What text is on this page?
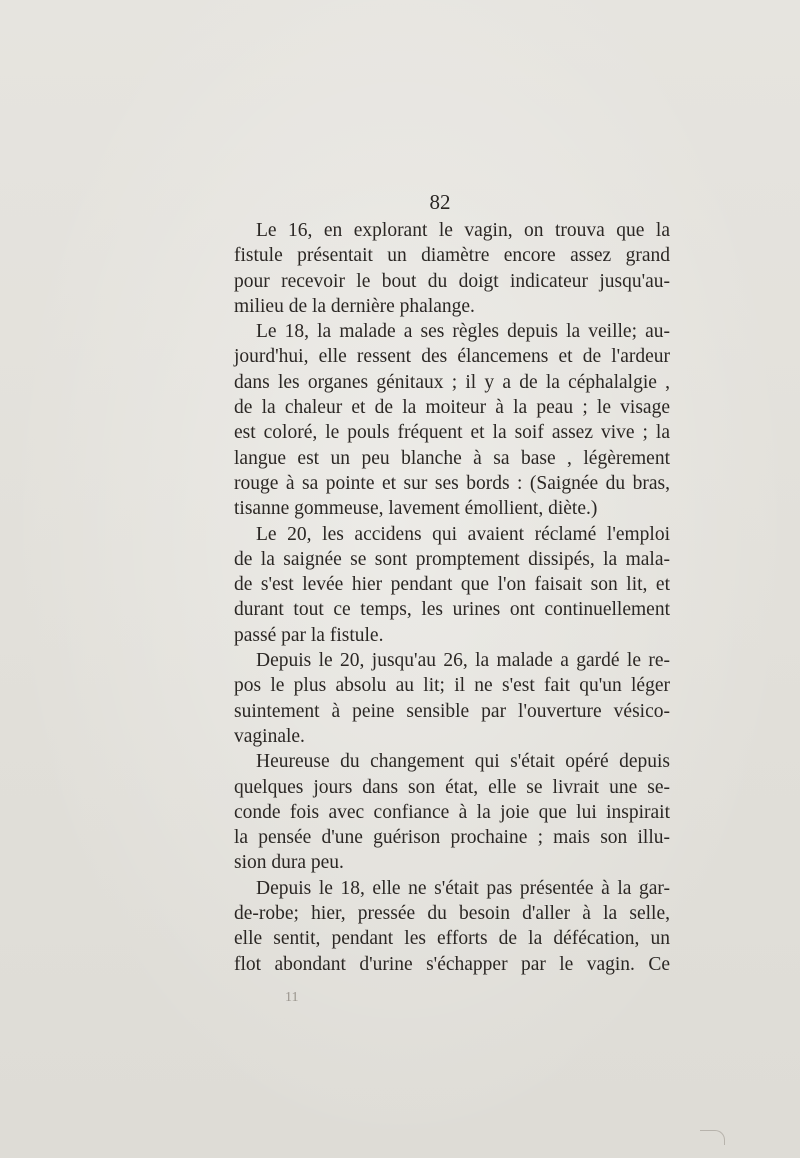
82

Le 16, en explorant le vagin, on trouva que la
fistule présentait un diamètre encore assez grand
pour recevoir le bout du doigt indicateur jusqu'au-
milieu de la dernière phalange.

Le 18, la malade a ses règles depuis la veille; au-
jourd'hui, elle ressent des élancemens et de l'ardeur
dans les organes génitaux ; il y a de la céphalalgie ,
de la chaleur et de la moiteur à la peau ; le visage
est coloré, le pouls fréquent et la soif assez vive ; la
langue est un peu blanche à sa base , légèrement
rouge à sa pointe et sur ses bords : (Saignée du bras,
tisanne gommeuse, lavement émollient, diète.)

Le 20, les accidens qui avaient réclamé l'emploi
de la saignée se sont promptement dissipés, la mala-
de s'est levée hier pendant que l'on faisait son lit, et
durant tout ce temps, les urines ont continuellement
passé par la fistule.

Depuis le 20, jusqu'au 26, la malade a gardé le re-
pos le plus absolu au lit; il ne s'est fait qu'un léger
suintement à peine sensible par l'ouverture vésico-
vaginale.

Heureuse du changement qui s'était opéré depuis
quelques jours dans son état, elle se livrait une se-
conde fois avec confiance à la joie que lui inspirait
la pensée d'une guérison prochaine ; mais son illu-
sion dura peu.

Depuis le 18, elle ne s'était pas présentée à la gar-
de-robe; hier, pressée du besoin d'aller à la selle,
elle sentit, pendant les efforts de la défécation, un
flot abondant d'urine s'échapper par le vagin. Ce

11
